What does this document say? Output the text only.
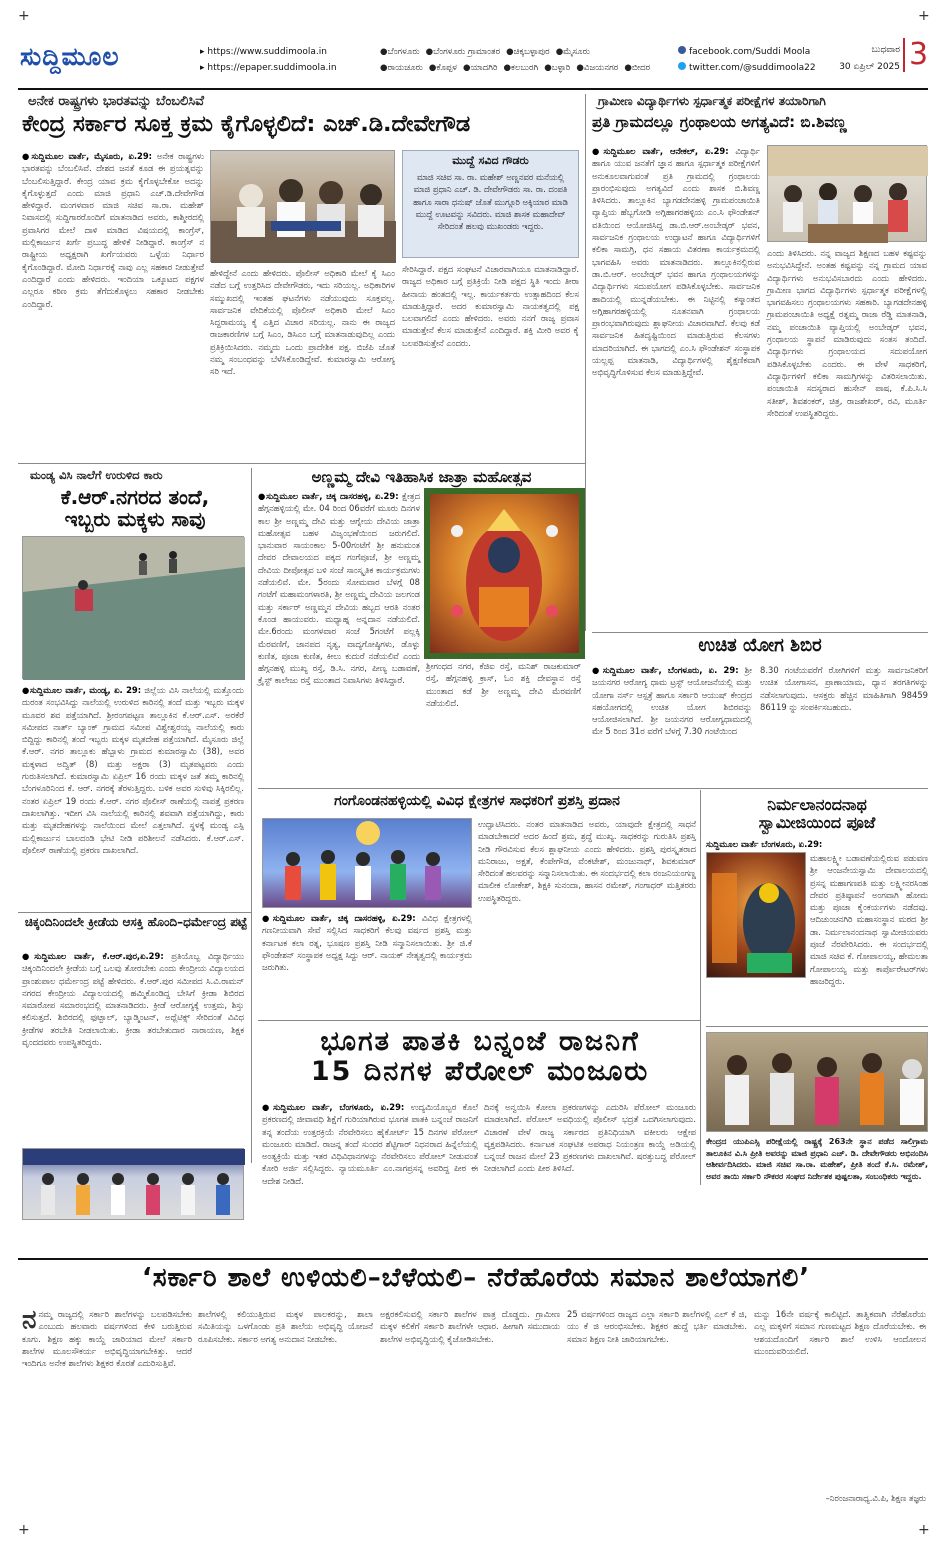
+	+
+	+
ಸುದ್ದಿಮೂಲ	▸ https://www.suddimoola.in
▸ https://epaper.suddimoola.in
●ಬೆಂಗಳೂರು ●ಬೆಂಗಳೂರು ಗ್ರಾಮಾಂತರ ●ಚಿಕ್ಕಬಳ್ಳಾಪುರ ●ಮೈಸೂರು
●ರಾಯಚೂರು ●ಕೊಪ್ಪಳ ●ಯಾದಗಿರಿ ●ಕಲಬುರಗಿ ●ಬಳ್ಳಾರಿ ●ವಿಜಯನಗರ ●ಬೀದರ
facebook.com/Suddi Moola
twitter.com/@suddimoola22
ಬುಧವಾರ
30 ಏಪ್ರಿಲ್ 2025 3
ಅನೇಕ ರಾಷ್ಟ್ರಗಳು ಭಾರತವನ್ನು ಬೆಂಬಲಿಸಿವೆ
ಕೇಂದ್ರ ಸರ್ಕಾರ ಸೂಕ್ತ ಕ್ರಮ ಕೈಗೊಳ್ಳಲಿದೆ: ಎಚ್.ಡಿ.ದೇವೇಗೌಡ
●ಸುದ್ದಿಮೂಲ ವಾರ್ತೆ, ಮೈಸೂರು, ಏ.29: ಅನೇಕ ರಾಷ್ಟ್ರಗಳು ಭಾರತವನ್ನು ಬೆಂಬಲಿಸಿವೆ. ದೇಶದ ಜನತೆ ಕೂಡ ಈ ಪ್ರಯತ್ನವನ್ನು ಬೆಂಬಲಿಸುತ್ತಿದ್ದಾರೆ. ಕೇಂದ್ರ ಯಾವ ಕ್ರಮ ಕೈಗೊಳ್ಳಬೇಕೋ ಅದನ್ನು ಕೈಗೊಳ್ಳುತ್ತದೆ ಎಂದು ಮಾಜಿ ಪ್ರಧಾನಿ ಎಚ್.ಡಿ.ದೇವೇಗೌಡ ಹೇಳಿದ್ದಾರೆ. ಮಂಗಳವಾರ ಮಾಜಿ ಸಚಿವ ಸಾ.ರಾ. ಮಹೇಶ್ ನಿವಾಸದಲ್ಲಿ ಸುದ್ದಿಗಾರರೊಂದಿಗೆ ಮಾತನಾಡಿದ ಅವರು, ಕಾಶ್ಮೀರದಲ್ಲಿ ಪ್ರವಾಸಿಗರ ಮೇಲೆ ದಾಳಿ ಮಾಡಿದ ವಿಷಯದಲ್ಲಿ ಕಾಂಗ್ರೆಸ್, ಮಲ್ಲಿಕಾರ್ಜುನ ಖರ್ಗೆ ಪ್ರಬುದ್ಧ ಹೇಳಿಕೆ ನೀಡಿದ್ದಾರೆ. ಕಾಂಗ್ರೆಸ್ ನ ರಾಷ್ಟ್ರೀಯ ಅಧ್ಯಕ್ಷರಾಗಿ ಖರ್ಗೆಯವರು ಒಳ್ಳೆಯ ನಿರ್ಧಾರ ಕೈಗೊಂಡಿದ್ದಾರೆ. ಮೋದಿ ನಿರ್ಧಾರಕ್ಕೆ ನಾವು ಎಲ್ಲ ಸಹಕಾರ ನೀಡುತ್ತೇವೆ ಎಂದಿದ್ದಾರೆ ಎಂದು ಹೇಳಿದರು. ಇಂದಿಯಾ ಒಕ್ಕೂಟದ ಪಕ್ಷಗಳ ಎಲ್ಲರೂ ಕಠಿಣ ಕ್ರಮ ತೆಗೆದುಕೊಳ್ಳಲು ಸಹಕಾರ ನೀಡಬೇಕು ಎಂದಿದ್ದಾರೆ.
ಹೇಳಿದ್ದೇನೆ ಎಂದು ಹೇಳಿದರು. ಪೊಲೀಸ್ ಅಧಿಕಾರಿ ಮೇಲೆ ಕೈ ಸಿಎಂ ನಡೆದ ಬಗ್ಗೆ ಉತ್ತರಿಸಿದ ದೇವೇಗೌಡರು, ಇದು ಸರಿಯಲ್ಲ. ಅಧಿಕಾರಿಗಳ ಸಮ್ಮುಖದಲ್ಲಿ ಇಂತಹ ಘಟನೆಗಳು ನಡೆಯುವುದು ಸೂಕ್ತವಲ್ಲ. ಸಾರ್ವಜನಿಕ ವೇದಿಕೆಯಲ್ಲಿ ಪೊಲೀಸ್ ಅಧಿಕಾರಿ ಮೇಲೆ ಸಿಎಂ ಸಿದ್ದರಾಮಯ್ಯ ಕೈ ಎತ್ತಿದ ವಿಚಾರ ಸರಿಯಲ್ಲ. ನಾನು ಈ ರಾಜ್ಯದ ರಾಜಕಾರಣಿಗಳ ಬಗ್ಗೆ ಸಿಎಂ, ಡಿಸಿಎಂ ಬಗ್ಗೆ ಮಾತನಾಡುವುದಿಲ್ಲ ಎಂದು ಪ್ರತಿಕ್ರಿಯಿಸಿದರು. ನಮ್ಮದು ಒಂದು ಪ್ರಾದೇಶಿಕ ಪಕ್ಷ. ಬಿಜೆಪಿ ಜೊತೆ ನಮ್ಮ ಸಂಬಂಧವನ್ನು ಬೆಳೆಸಿಕೊಂಡಿದ್ದೇವೆ. ಕುಮಾರಸ್ವಾಮಿ ಆರೋಗ್ಯ ಸರಿ ಇದೆ.
ಮುದ್ದೆ ಸವಿದ ಗೌಡರು
ಮಾಜಿ ಸಚಿವ ಸಾ. ರಾ. ಮಹೇಶ್ ಅಣ್ಣನವರ ಮನೆಯಲ್ಲಿ ಮಾಜಿ ಪ್ರಧಾನಿ ಎಚ್. ಡಿ. ದೇವೇಗೌಡರು ಸಾ. ರಾ. ದಂಪತಿ ಹಾಗೂ ಸಾರಾ ಧನುಷ್ ಜೊತೆ ಮುಗ್ಗೂರಿ ಅಕ್ಕಿಯಾರ ಮಾಡಿ ಮುದ್ದೆ ಊಟವನ್ನು ಸವಿದರು. ಮಾಜಿ ಶಾಸಕ ಮಹಾದೇವ್ ಸೇರಿದಂತೆ ಹಲವು ಮುಖಂಡರು ಇದ್ದರು.
ಸೇರಿಸಿದ್ದಾರೆ. ಪಕ್ಷದ ಸಂಘಟನೆ ವಿಚಾರವಾಗಿಯೂ ಮಾತನಾಡಿದ್ದಾರೆ. ರಾಜ್ಯದ ಅಧಿಕಾರ ಬಗ್ಗೆ ಪ್ರತಿಕ್ರಿಯೆ ನೀಡಿ ಪಕ್ಷದ ಸ್ಥಿತಿ ಇಂದು ತೀರಾ ಹೀನಾಯ ಹಂತದಲ್ಲಿ ಇಲ್ಲ. ಕಾರ್ಯಕರ್ತರು ಉತ್ಸಾಹದಿಂದ ಕೆಲಸ ಮಾಡುತ್ತಿದ್ದಾರೆ. ಅದರ ಕುಮಾರಸ್ವಾಮಿ ನಾಯಕತ್ವದಲ್ಲಿ ಪಕ್ಷ ಬಲವಾಗಲಿದೆ ಎಂದು ಹೇಳಿದರು. ಅವರು ನನಗೆ ರಾಜ್ಯ ಪ್ರವಾಸ ಮಾಡುತ್ತೇನೆ ಕೆಲಸ ಮಾಡುತ್ತೇನೆ ಎಂದಿದ್ದಾರೆ. ಶಕ್ತಿ ಮೀರಿ ಅವರ ಕೈ ಬಲಪಡಿಸುತ್ತೇನೆ ಎಂದರು.
ಗ್ರಾಮೀಣ ವಿದ್ಯಾರ್ಥಿಗಳು ಸ್ಪರ್ಧಾತ್ಮಕ ಪರೀಕ್ಷೆಗಳ ತಯಾರಿಗಾಗಿ
ಪ್ರತಿ ಗ್ರಾಮದಲ್ಲೂ ಗ್ರಂಥಾಲಯ ಅಗತ್ಯವಿದೆ: ಬಿ.ಶಿವಣ್ಣ
●ಸುದ್ದಿಮೂಲ ವಾರ್ತೆ, ಆನೇಕಲ್, ಏ.29: ವಿದ್ಯಾರ್ಥಿ ಹಾಗೂ ಯುವ ಜನತೆಗೆ ಜ್ಞಾನ ಹಾಗೂ ಸ್ಪರ್ಧಾತ್ಮಕ ಪರೀಕ್ಷೆಗಳಿಗೆ ಅನುಕೂಲವಾಗುವಂತೆ ಪ್ರತಿ ಗ್ರಾಮದಲ್ಲಿ ಗ್ರಂಥಾಲಯ ಪ್ರಾರಂಭಿಸುವುದು ಅಗತ್ಯವಿದೆ ಎಂದು ಶಾಸಕ ಬಿ.ಶಿವಣ್ಣ ತಿಳಿಸಿದರು. ತಾಲ್ಲೂಕಿನ ಬ್ಯಾಗಡದೇನಹಳ್ಳಿ ಗ್ರಾಮಪಂಚಾಯಿತಿ ವ್ಯಾಪ್ತಿಯ ಹೆಬ್ಬಗೋಡಿ ಅಗ್ಗಿಹಾಗರಹಳ್ಳಿಯ ಎಂ.ಸಿ ಫೌಂಡೇಶನ್ ವತಿಯಿಂದ ಆಯೋಜಿಸಿದ್ದ ಡಾ.ಬಿ.ಆರ್.ಅಂಬೇಡ್ಕರ್ ಭವನ, ಸಾರ್ವಜನಿಕ ಗ್ರಂಥಾಲಯ ಉದ್ಘಾಟನೆ ಹಾಗೂ ವಿದ್ಯಾರ್ಥಿಗಳಿಗೆ ಕಲಿಕಾ ಸಾಮಗ್ರಿ, ಧನ ಸಹಾಯ ವಿತರಣಾ ಕಾರ್ಯಕ್ರಮದಲ್ಲಿ ಭಾಗವಹಿಸಿ ಅವರು ಮಾತನಾಡಿದರು. ತಾಲ್ಲೂಕಿನಲ್ಲಿರುವ ಡಾ.ಬಿ.ಆರ್. ಅಂಬೇಡ್ಕರ್ ಭವನ ಹಾಗೂ ಗ್ರಂಥಾಲಯಗಳನ್ನು ವಿದ್ಯಾರ್ಥಿಗಳು ಸದುಪಯೋಗ ಪಡಿಸಿಕೊಳ್ಳಬೇಕು. ಸಾರ್ವಜನಿಕ ಹಾದಿಯಲ್ಲಿ ಮುನ್ನಡೆಯಬೇಕು. ಈ ನಿಟ್ಟಿನಲ್ಲಿ ಕಸ್ಮಾಂತದ ಅಗ್ಗಿಹಾಗರಹಳ್ಳಿಯಲ್ಲಿ ನೂತನವಾಗಿ ಗ್ರಂಥಾಲಯ ಪ್ರಾರಂಭವಾಗಿರುವುದು ಶ್ಲಾಘನೀಯ ವಿಚಾರವಾಗಿದೆ. ಕೆಲವು ಕಡೆ ಸಾರ್ವಜನಿಕ ಹಿತದೃಷ್ಟಿಯಿಂದ ಮಾಡುತ್ತಿರುವ ಕೆಲಸಗಳು ಮಾದರಿಯಾಗಿದೆ. ಈ ಭಾಗದಲ್ಲಿ ಎಂ.ಸಿ ಫೌಂಡೇಶನ್ ಸಂಸ್ಥಾಪಕ ಯಲ್ಲಪ್ಪ ಮಾತನಾಡಿ, ವಿದ್ಯಾರ್ಥಿಗಳಲ್ಲಿ ಶೈಕ್ಷಣಿಕವಾಗಿ ಅಭಿವೃದ್ಧಿಗೊಳಿಸುವ ಕೆಲಸ ಮಾಡುತ್ತಿದ್ದೇವೆ.
ಎಂದು ತಿಳಿಸಿದರು. ನನ್ನ ವಾಜ್ಯದ ಶಿಕ್ಷಣದ ಬಹಳ ಕಷ್ಟವನ್ನು ಅನುಭವಿಸಿದ್ದೇನೆ. ಅಂತಹ ಕಷ್ಟವನ್ನು ನನ್ನ ಗ್ರಾಮದ ಯಾವ ವಿದ್ಯಾರ್ಥಿಗಳು ಅನುಭವಿಸಬಾರದು ಎಂದು ಹೇಳಿದರು. ಗ್ರಾಮೀಣ ಭಾಗದ ವಿದ್ಯಾರ್ಥಿಗಳು ಸ್ಪರ್ಧಾತ್ಮಕ ಪರೀಕ್ಷೆಗಳಲ್ಲಿ ಭಾಗವಹಿಸಲು ಗ್ರಂಥಾಲಯಗಳು ಸಹಕಾರಿ. ಬ್ಯಾಗಡದೇನಹಳ್ಳಿ ಗ್ರಾಮಪಂಚಾಯಿತಿ ಅಧ್ಯಕ್ಷೆ ರತ್ನಮ್ಮ ರಾಜಾ ರೆಡ್ಡಿ ಮಾತನಾಡಿ, ನಮ್ಮ ಪಂಚಾಯಿತಿ ವ್ಯಾಪ್ತಿಯಲ್ಲಿ ಅಂಬೇಡ್ಕರ್ ಭವನ, ಗ್ರಂಥಾಲಯ ಸ್ಥಾಪನೆ ಮಾಡಿರುವುದು ಸಂತಸ ತಂದಿದೆ. ವಿದ್ಯಾರ್ಥಿಗಳು ಗ್ರಂಥಾಲಯದ ಸದುಪಯೋಗ ಪಡಿಸಿಕೊಳ್ಳಬೇಕು ಎಂದರು. ಈ ವೇಳೆ ಸಾಧಕರಿಗೆ, ವಿದ್ಯಾರ್ಥಿಗಳಿಗೆ ಕಲಿಕಾ ಸಾಮಗ್ರಿಗಳನ್ನು ವಿತರಿಸಲಾಯಿತು. ಪಂಚಾಯಿತಿ ಸದಸ್ಯರಾದ ಹುಸೇನ್ ಪಾಷ, ಕೆ.ಪಿ.ಸಿ.ಸಿ ಸತೀಶ್, ಶಿವಶಂಕರ್, ಚಿತ್ರ, ರಾಜಶೇಖರ್, ರವಿ, ಮೂರ್ತಿ ಸೇರಿದಂತೆ ಉಪಸ್ಥಿತರಿದ್ದರು.
ಮಂಡ್ಯ ವಿಸಿ ನಾಲೆಗೆ ಉರುಳಿದ ಕಾರು
ಕೆ.ಆರ್.ನಗರದ ತಂದೆ,
ಇಬ್ಬರು ಮಕ್ಕಳು ಸಾವು
●ಸುದ್ದಿಮೂಲ ವಾರ್ತೆ, ಮಂಡ್ಯ, ಏ. 29: ಜಿಲ್ಲೆಯ ವಿಸಿ ನಾಲೆಯಲ್ಲಿ ಮತ್ತೊಂದು ದುರಂತ ಸಂಭವಿಸಿದ್ದು ನಾಲೆಯಲ್ಲಿ ಉರುಳಿದ ಕಾರಿನಲ್ಲಿ ತಂದೆ ಮತ್ತು ಇಬ್ಬರು ಮಕ್ಕಳ ಮೂವರ ಶವ ಪತ್ತೆಯಾಗಿದೆ. ಶ್ರೀರಂಗಪಟ್ಟಣ ತಾಲ್ಲೂಕಿನ ಕೆ.ಆರ್.ಎಸ್. ಅರಕೆರೆ ಸಮೀಪದ ನಾರ್ತ್ ಬ್ಯಾಂಕ್ ಗ್ರಾಮದ ಸಮೀಪ ವಿಶ್ವೇಶ್ವರಯ್ಯ ನಾಲೆಯಲ್ಲಿ ಕಾರು ಬಿದ್ದಿದ್ದು ಕಾರಿನಲ್ಲಿ ತಂದೆ ಇಬ್ಬರು ಮಕ್ಕಳ ಮೃತದೇಹ ಪತ್ತೆಯಾಗಿದೆ. ಮೈಸೂರು ಜಿಲ್ಲೆ ಕೆ.ಆರ್. ನಗರ ತಾಲ್ಲೂಕು ಹೆಬ್ಬಾಳು ಗ್ರಾಮದ ಕುಮಾರಸ್ವಾಮಿ (38), ಅವರ ಮಕ್ಕಳಾದ ಅದ್ವಿತ್ (8) ಮತ್ತು ಅಕ್ಷರಾ (3) ಮೃತಪಟ್ಟವರು ಎಂದು ಗುರುತಿಸಲಾಗಿದೆ. ಕುಮಾರಸ್ವಾಮಿ ಏಪ್ರಿಲ್ 16 ರಂದು ಮಕ್ಕಳ ಜತೆ ತಮ್ಮ ಕಾರಿನಲ್ಲಿ ಬೆಂಗಳೂರಿನಿಂದ ಕೆ. ಆರ್. ನಗರಕ್ಕೆ ತೆರಳುತ್ತಿದ್ದರು. ಬಳಿಕ ಅವರ ಸುಳಿವು ಸಿಕ್ಕಿರಲಿಲ್ಲ. ನಂತರ ಏಪ್ರಿಲ್ 19 ರಂದು ಕೆ.ಆರ್. ನಗರ ಪೊಲೀಸ್ ಠಾಣೆಯಲ್ಲಿ ನಾಪತ್ತೆ ಪ್ರಕರಣ ದಾಖಲಾಗಿತ್ತು. ಇದೀಗ ವಿಸಿ ನಾಲೆಯಲ್ಲಿ ಕಾರಿನಲ್ಲಿ ಶವವಾಗಿ ಪತ್ತೆಯಾಗಿದ್ದು, ಕಾರು ಮತ್ತು ಮೃತದೇಹಗಳನ್ನು ನಾಲೆಯಿಂದ ಮೇಲೆ ಎತ್ತಲಾಗಿದೆ. ಸ್ಥಳಕ್ಕೆ ಮಂಡ್ಯ ಎಸ್ಪಿ ಮಲ್ಲಿಕಾರ್ಜುನ ಬಾಲದಂಡಿ ಭೇಟಿ ನೀಡಿ ಪರಿಶೀಲನೆ ನಡೆಸಿದರು. ಕೆ.ಆರ್.ಎಸ್. ಪೊಲೀಸ್ ಠಾಣೆಯಲ್ಲಿ ಪ್ರಕರಣ ದಾಖಲಾಗಿದೆ.
ಅಣ್ಣಮ್ಮ ದೇವಿ ಇತಿಹಾಸಿಕ ಜಾತ್ರಾ ಮಹೋತ್ಸವ
●ಸುದ್ದಿಮೂಲ ವಾರ್ತೆ, ಚಿಕ್ಕ ದಾಸರಹಳ್ಳಿ, ಏ.29: ಕ್ಷೇತ್ರದ ಹೆಗ್ಗನಹಳ್ಳಿಯಲ್ಲಿ ಮೇ. 04 ರಿಂದ 06ವರೆಗೆ ಮೂರು ದಿನಗಳ ಕಾಲ ಶ್ರೀ ಅಣ್ಣಮ್ಮ ದೇವಿ ಮತ್ತು ಆಗ್ನೇಯ ದೇವಿಯ ಜಾತ್ರಾ ಮಹೋತ್ಸವ ಬಹಳ ವಿಜೃಂಭಣೆಯಿಂದ ಜರುಗಲಿದೆ. ಭಾನುವಾರ ಸಾಯಂಕಾಲ 5-00ಗಂಟೆಗೆ ಶ್ರೀ ಹನುಮಂತ ದೇವರ ದೇವಾಲಯದ ಪಕ್ಕದ ಗಂಗೆಪೂಜೆ, ಶ್ರೀ ಅಣ್ಣಮ್ಮ ದೇವಿಯ ದೀಪೋತ್ಸವ ಬಳಿ ಸಂಜೆ ಸಾಂಸ್ಕೃತಿಕ ಕಾರ್ಯಕ್ರಮಗಳು ನಡೆಯಲಿವೆ. ಮೇ. 5ರಂದು ಸೋಮವಾರ ಬೆಳಗ್ಗೆ 08 ಗಂಟೆಗೆ ಮಹಾಮಂಗಳಾರತಿ, ಶ್ರೀ ಅಣ್ಣಮ್ಮ ದೇವಿಯ ಜಲಗಂಡ ಮತ್ತು ಸರ್ಕಾರ್ ಅಣ್ಣಮ್ಮನ ದೇವಿಯ ಹಬ್ಬದ ಆರತಿ ನಂತರ ಕೊಂಡ ಹಾಯುವರು. ಮಧ್ಯಾಹ್ನ ಅನ್ನದಾನ ನಡೆಯಲಿದೆ. ಮೇ.6ರಂದು ಮಂಗಳವಾರ ಸಂಜೆ 5ಗಂಟೆಗೆ ಪಲ್ಲಕ್ಕಿ ಮೆರವಣಿಗೆ, ಜಾನಪದ ನೃತ್ಯ, ವಾದ್ಯಗೋಷ್ಠಿಗಳು, ಡೊಳ್ಳು ಕುಣಿತ, ಪೂಜಾ ಕುಣಿತ, ಕೀಲು ಕುದುರೆ ನಡೆಯಲಿವೆ ಎಂದು ಹೆಗ್ಗನಹಳ್ಳಿ ಮುಖ್ಯ ರಸ್ತೆ, ಡಿ.ಸಿ. ನಗರ, ಪೀಣ್ಯ ಬಡಾವಣೆ, ಕ್ರೈಸ್ಟ್ ಕಾಲೇಜು ರಸ್ತೆ ಮುಂತಾದ ನಿವಾಸಿಗಳು ತಿಳಿಸಿದ್ದಾರೆ.
ಶ್ರೀಗಂಧದ ನಗರ, ಕೆಜಿಐ ರಸ್ತೆ, ಮನಿಶ್ ರಾಜಕುಮಾರ್ ರಸ್ತೆ, ಹೆಗ್ಗನಹಳ್ಳಿ ಕ್ರಾಸ್, ಓಂ ಶಕ್ತಿ ದೇವಸ್ಥಾನ ರಸ್ತೆ ಮುಂತಾದ ಕಡೆ ಶ್ರೀ ಅಣ್ಣಮ್ಮ ದೇವಿ ಮೆರವಣಿಗೆ ನಡೆಯಲಿದೆ.
ಉಚಿತ ಯೋಗ ಶಿಬಿರ
●ಸುದ್ದಿಮೂಲ ವಾರ್ತೆ, ಬೆಂಗಳೂರು, ಏ. 29: ಶ್ರೀ ಜಯನಗರ ಆರೋಗ್ಯ ಧಾಮ ಟ್ರಸ್ಟ್ ಆಯೋಜನೆಯಲ್ಲಿ ಮತ್ತು ಯೋಗಾ ನರ್ಸ್ ಆಸ್ಪತ್ರೆ ಹಾಗೂ ಸರ್ಕಾರಿ ಆಯುಷ್ ಕೇಂದ್ರದ ಸಹಯೋಗದಲ್ಲಿ ಉಚಿತ ಯೋಗ ಶಿಬಿರವನ್ನು ಆಯೋಜಿಸಲಾಗಿದೆ. ಶ್ರೀ ಜಯನಗರ ಆರೋಗ್ಯಧಾಮದಲ್ಲಿ ಮೇ 5 ರಿಂದ 31ರ ವರೆಗೆ ಬೆಳಗ್ಗೆ 7.30 ಗಂಟೆಯಿಂದ
8.30 ಗಂಟೆಯವರೆಗೆ ರೋಗಿಗಳಿಗೆ ಮತ್ತು ಸಾರ್ವಜನಿಕರಿಗೆ ಉಚಿತ ಯೋಗಾಸನ, ಪ್ರಾಣಾಯಾಮ, ಧ್ಯಾನ ತರಗತಿಗಳನ್ನು ನಡೆಸಲಾಗುವುದು. ಆಸಕ್ತರು ಹೆಚ್ಚಿನ ಮಾಹಿತಿಗಾಗಿ 98459 86119 ನ್ನು ಸಂಪರ್ಕಿಸಬಹುದು.
ಗಂಗೊಂಡನಹಳ್ಳಿಯಲ್ಲಿ ವಿವಿಧ ಕ್ಷೇತ್ರಗಳ ಸಾಧಕರಿಗೆ ಪ್ರಶಸ್ತಿ ಪ್ರದಾನ
●ಸುದ್ದಿಮೂಲ ವಾರ್ತೆ, ಚಿಕ್ಕ ದಾಸರಹಳ್ಳಿ, ಏ.29: ವಿವಿಧ ಕ್ಷೇತ್ರಗಳಲ್ಲಿ ಗಣನೀಯವಾಗಿ ಸೇವೆ ಸಲ್ಲಿಸಿದ ಸಾಧಕರಿಗೆ ಕೆಲವು ವರ್ಷದ ಪ್ರಶಸ್ತಿ ಮತ್ತು ಕರ್ನಾಟಕ ಕಲಾ ರತ್ನ, ಭೂಷಣ ಪ್ರಶಸ್ತಿ ನೀಡಿ ಸನ್ಮಾನಿಸಲಾಯಿತು. ಶ್ರೀ ಜಿ.ಕೆ ಫೌಂಡೇಶನ್ ಸಂಸ್ಥಾಪಕ ಅಧ್ಯಕ್ಷ ಸಿದ್ದು ಆರ್. ನಾಯಕ್ ನೇತೃತ್ವದಲ್ಲಿ ಕಾರ್ಯಕ್ರಮ ಜರುಗಿತು.
ಉದ್ಘಾಟಿಸಿದರು. ನಂತರ ಮಾತನಾಡಿದ ಅವರು, ಯಾವುದೇ ಕ್ಷೇತ್ರದಲ್ಲಿ ಸಾಧನೆ ಮಾಡಬೇಕಾದರೆ ಅದರ ಹಿಂದೆ ಶ್ರಮ, ಶ್ರದ್ಧೆ ಮುಖ್ಯ. ಸಾಧಕರನ್ನು ಗುರುತಿಸಿ ಪ್ರಶಸ್ತಿ ನೀಡಿ ಗೌರವಿಸುವ ಕೆಲಸ ಶ್ಲಾಘನೀಯ ಎಂದು ಹೇಳಿದರು. ಪ್ರಶಸ್ತಿ ಪುರಸ್ಕೃತರಾದ ಮನಿರಾಜು, ಅಕ್ಷತೆ, ಕೆಂಪೇಗೌಡ, ವೆಂಕಟೇಶ್, ಮಂಜುನಾಥ್, ಶಿವಕುಮಾರ್ ಸೇರಿದಂತೆ ಹಲವರನ್ನು ಸನ್ಮಾನಿಸಲಾಯಿತು. ಈ ಸಂದರ್ಭದಲ್ಲಿ ಕಲಾ ರಂಜನಿಯಂಗಣ್ಣ ಮಾಲೀಕ ಲೋಕೇಶ್, ಶಿಕ್ಷಕಿ ಸುನಂದಾ, ಹಾಸನ ರಮೇಶ್, ಗಂಗಾಧರ್ ಮತ್ತಿತರರು ಉಪಸ್ಥಿತರಿದ್ದರು.
ನಿರ್ಮಲಾನಂದನಾಥ
ಸ್ವಾಮೀಜಿಯಿಂದ ಪೂಜೆ
ಸುದ್ದಿಮೂಲ ವಾರ್ತೆ ಬೆಂಗಳೂರು, ಏ.29:
ಮಹಾಲಕ್ಷ್ಮೀ ಬಡಾವಣೆಯಲ್ಲಿರುವ ಪಡುವಣ ಶ್ರೀ ಆಂಜನೇಯಸ್ವಾಮಿ ದೇವಾಲಯದಲ್ಲಿ ಪ್ರಸನ್ನ ಮಹಾಗಣಪತಿ ಮತ್ತು ಲಕ್ಷ್ಮೀನರಸಿಂಹ ದೇವರ ಪ್ರತಿಷ್ಠಾಪನೆ ಅಂಗವಾಗಿ ಹೋಮ ಮತ್ತು ಪೂಜಾ ಕೈಂಕರ್ಯಗಳು ನಡೆದವು. ಆದಿಚುಂಚನಗಿರಿ ಮಹಾಸಂಸ್ಥಾನ ಮಠದ ಶ್ರೀ ಡಾ. ನಿರ್ಮಲಾನಂದನಾಥ ಸ್ವಾಮೀಜಿಯವರು ಪೂಜೆ ನೆರವೇರಿಸಿದರು. ಈ ಸಂದರ್ಭದಲ್ಲಿ ಮಾಜಿ ಸಚಿವ ಕೆ. ಗೋಪಾಲಯ್ಯ, ಹೇಮಲತಾ ಗೋಪಾಲಯ್ಯ ಮತ್ತು ಕಾರ್ಪೊರೇಟರ್‌ಗಳು ಹಾಜರಿದ್ದರು.
ಚಿಕ್ಕಂದಿನಿಂದಲೇ ಕ್ರೀಡೆಯ ಆಸಕ್ತಿ ಹೊಂದಿ–ಧರ್ಮೇಂದ್ರ ಪಟ್ಟೆ
●ಸುದ್ದಿಮೂಲ ವಾರ್ತೆ, ಕೆ.ಆರ್.ಪುರ,ಏ.29: ಪ್ರತಿಯೊಬ್ಬ ವಿದ್ಯಾರ್ಥಿಯು ಚಿಕ್ಕಂದಿನಿಂದಲೇ ಕ್ರೀಡೆಯ ಬಗ್ಗೆ ಒಲವು ತೋರಬೇಕು ಎಂದು ಕೇಂದ್ರೀಯ ವಿದ್ಯಾಲಯದ ಪ್ರಾಂಶುಪಾಲ ಧರ್ಮೇಂದ್ರ ಪಟ್ಟೆ ಹೇಳಿದರು. ಕೆ.ಆರ್.ಪುರ ಸಮೀಪದ ಸಿ.ವಿ.ರಾಮನ್ ನಗರದ ಕೇಂದ್ರೀಯ ವಿದ್ಯಾಲಯದಲ್ಲಿ ಹಮ್ಮಿಕೊಂಡಿದ್ದ ಬೇಸಿಗೆ ಕ್ರೀಡಾ ಶಿಬಿರದ ಸಮಾರೋಪ ಸಮಾರಂಭದಲ್ಲಿ ಮಾತನಾಡಿದರು. ಕ್ರೀಡೆ ಆರೋಗ್ಯಕ್ಕೆ ಉತ್ತಮ, ಶಿಸ್ತು ಕಲಿಸುತ್ತದೆ. ಶಿಬಿರದಲ್ಲಿ ಫುಟ್ಬಾಲ್, ಬ್ಯಾಡ್ಮಿಂಟನ್, ಅಥ್ಲೆಟಿಕ್ಸ್ ಸೇರಿದಂತೆ ವಿವಿಧ ಕ್ರೀಡೆಗಳ ತರಬೇತಿ ನೀಡಲಾಯಿತು. ಕ್ರೀಡಾ ತರಬೇತುದಾರ ನಾರಾಯಣ, ಶಿಕ್ಷಕ ವೃಂದದವರು ಉಪಸ್ಥಿತರಿದ್ದರು.	ಭೂಗತ ಪಾತಕಿ ಬನ್ನಂಜೆ ರಾಜನಿಗೆ
15 ದಿನಗಳ ಪೆರೋಲ್ ಮಂಜೂರು
●ಸುದ್ದಿಮೂಲ ವಾರ್ತೆ, ಬೆಂಗಳೂರು, ಏ.29: ಉದ್ಯಮಿಯೊಬ್ಬರ ಕೊಲೆ ಪ್ರಕರಣದಲ್ಲಿ ಜೀವಾವಧಿ ಶಿಕ್ಷೆಗೆ ಗುರಿಯಾಗಿರುವ ಭೂಗತ ಪಾತಕಿ ಬನ್ನಂಜೆ ರಾಜನಿಗೆ ತನ್ನ ತಂದೆಯ ಉತ್ತರಕ್ರಿಯೆ ನೆರವೇರಿಸಲು ಹೈಕೋರ್ಟ್ 15 ದಿನಗಳ ಪೆರೋಲ್ ಮಂಜೂರು ಮಾಡಿದೆ. ರಾಜನ್ನ ತಂದೆ ಸುಂದರ ಶೆಟ್ಟಿಗಾರ್ ನಿಧನರಾದ ಹಿನ್ನೆಲೆಯಲ್ಲಿ ಅಂತ್ಯಕ್ರಿಯೆ ಮತ್ತು ಇತರ ವಿಧಿವಿಧಾನಗಳನ್ನು ನೆರವೇರಿಸಲು ಪೆರೋಲ್ ನೀಡುವಂತೆ ಕೋರಿ ಅರ್ಜಿ ಸಲ್ಲಿಸಿದ್ದರು. ನ್ಯಾಯಮೂರ್ತಿ ಎಂ.ನಾಗಪ್ರಸನ್ನ ಅವರಿದ್ದ ಪೀಠ ಈ ಆದೇಶ ನೀಡಿದೆ.
ದಿನಕ್ಕೆ ಅನ್ವಯಿಸಿ ಕೋಲಾ ಪ್ರಕರಣಗಳನ್ನು ಎದುರಿಸಿ ಪೆರೋಲ್ ಮಂಜೂರು ಮಾಡಲಾಗಿದೆ. ಪೆರೋಲ್ ಅವಧಿಯಲ್ಲಿ ಪೊಲೀಸ್ ಭದ್ರತೆ ಒದಗಿಸಲಾಗುವುದು. ವಿಚಾರಣೆ ವೇಳೆ ರಾಜ್ಯ ಸರ್ಕಾರದ ಪ್ರತಿನಿಧಿಯಾಗಿ ವಕೀಲರು ಆಕ್ಷೇಪ ವ್ಯಕ್ತಪಡಿಸಿದರು. ಕರ್ನಾಟಕ ಸಂಘಟಿತ ಅಪರಾಧ ನಿಯಂತ್ರಣ ಕಾಯ್ದೆ ಅಡಿಯಲ್ಲಿ ಬನ್ನಂಜೆ ರಾಜನ ಮೇಲೆ 23 ಪ್ರಕರಣಗಳು ದಾಖಲಾಗಿವೆ. ಷರತ್ತುಬದ್ಧ ಪೆರೋಲ್ ನೀಡಲಾಗಿದೆ ಎಂದು ಪೀಠ ತಿಳಿಸಿದೆ.
ಕೇಂದ್ರದ ಯುಪಿಎಸ್ಸಿ ಪರೀಕ್ಷೆಯಲ್ಲಿ ರಾಷ್ಟ್ರಕ್ಕೆ 263ನೇ ಸ್ಥಾನ ಪಡೆದ ಸಾಲಿಗ್ರಾಮ ತಾಲೂಕಿನ ವಿ.ಸಿ ಪ್ರೀತಿ ಅವರನ್ನು ಮಾಜಿ ಪ್ರಧಾನಿ ಎಚ್. ಡಿ. ದೇವೇಗೌಡರು ಅಭಿನಂದಿಸಿ ಆಶೀರ್ವದಿಸಿದರು. ಮಾಜಿ ಸಚಿವ ಸಾ.ರಾ. ಮಹೇಶ್, ಪ್ರೀತಿ ತಂದೆ ಕೆ.ಸಿ. ರಮೇಶ್, ಅವರ ತಾಯಿ ಸರ್ಕಾರಿ ನೌಕರರ ಸಂಘದ ನಿರ್ದೇಶಕ ಪುಷ್ಪಲತಾ, ಸಂಬಂಧಿಕರು ಇದ್ದರು.
‘ಸರ್ಕಾರಿ ಶಾಲೆ ಉಳಿಯಲಿ–ಬೆಳೆಯಲಿ– ನೆರೆಹೊರೆಯ ಸಮಾನ ಶಾಲೆಯಾಗಲಿ’
ನನಮ್ಮ ರಾಜ್ಯದಲ್ಲಿ ಸರ್ಕಾರಿ ಶಾಲೆಗಳನ್ನು ಬಲಪಡಿಸಬೇಕು ಎಂಬುದು ಹಲವಾರು ವರ್ಷಗಳಿಂದ ಕೇಳಿ ಬರುತ್ತಿರುವ ಕೂಗು. ಶಿಕ್ಷಣ ಹಕ್ಕು ಕಾಯ್ದೆ ಜಾರಿಯಾದ ಮೇಲೆ ಸರ್ಕಾರಿ ಶಾಲೆಗಳ ಮೂಲಸೌಕರ್ಯ ಅಭಿವೃದ್ಧಿಯಾಗಬೇಕಿತ್ತು. ಆದರೆ ಇಂದಿಗೂ ಅನೇಕ ಶಾಲೆಗಳು ಶಿಕ್ಷಕರ ಕೊರತೆ ಎದುರಿಸುತ್ತಿವೆ.
ಶಾಲೆಗಳಲ್ಲಿ ಕಲಿಯುತ್ತಿರುವ ಮಕ್ಕಳ ಪಾಲಕರನ್ನು, ಶಾಲಾ ಸಮಿತಿಯನ್ನು ಒಳಗೊಂಡು ಪ್ರತಿ ಶಾಲೆಯ ಅಭಿವೃದ್ಧಿ ಯೋಜನೆ ರೂಪಿಸಬೇಕು. ಸರ್ಕಾರ ಅಗತ್ಯ ಅನುದಾನ ನೀಡಬೇಕು.
ಅಕ್ಷರಕಲಿಸುವಲ್ಲಿ ಸರ್ಕಾರಿ ಶಾಲೆಗಳ ಪಾತ್ರ ದೊಡ್ಡದು. ಗ್ರಾಮೀಣ ಮಕ್ಕಳ ಕಲಿಕೆಗೆ ಸರ್ಕಾರಿ ಶಾಲೆಗಳೇ ಆಧಾರ. ಹೀಗಾಗಿ ಸಮುದಾಯ ಶಾಲೆಗಳ ಅಭಿವೃದ್ಧಿಯಲ್ಲಿ ಕೈಜೋಡಿಸಬೇಕು.
25 ವರ್ಷಗಳಿಂದ ರಾಜ್ಯದ ಎಲ್ಲಾ ಸರ್ಕಾರಿ ಶಾಲೆಗಳಲ್ಲಿ ಎಲ್ ಕೆ ಜಿ, ಯು ಕೆ ಜಿ ಆರಂಭಿಸಬೇಕು. ಶಿಕ್ಷಕರ ಹುದ್ದೆ ಭರ್ತಿ ಮಾಡಬೇಕು. ಸಮಾನ ಶಿಕ್ಷಣ ನೀತಿ ಜಾರಿಯಾಗಬೇಕು.
ಮನ್ನು 16ನೇ ವರ್ಷಕ್ಕೆ ಕಾಲಿಟ್ಟಿದೆ. ತಾತ್ವಿಕವಾಗಿ ನೆರೆಹೊರೆಯ ಎಲ್ಲ ಮಕ್ಕಳಿಗೆ ಸಮಾನ ಗುಣಮಟ್ಟದ ಶಿಕ್ಷಣ ದೊರೆಯಬೇಕು. ಈ ಆಶಯದೊಂದಿಗೆ ಸರ್ಕಾರಿ ಶಾಲೆ ಉಳಿಸಿ ಆಂದೋಲನ ಮುಂದುವರಿಯಲಿದೆ.
–ನಿರಂಜನಾರಾಧ್ಯ.ವಿ.ಪಿ, ಶಿಕ್ಷಣ ತಜ್ಞರು
